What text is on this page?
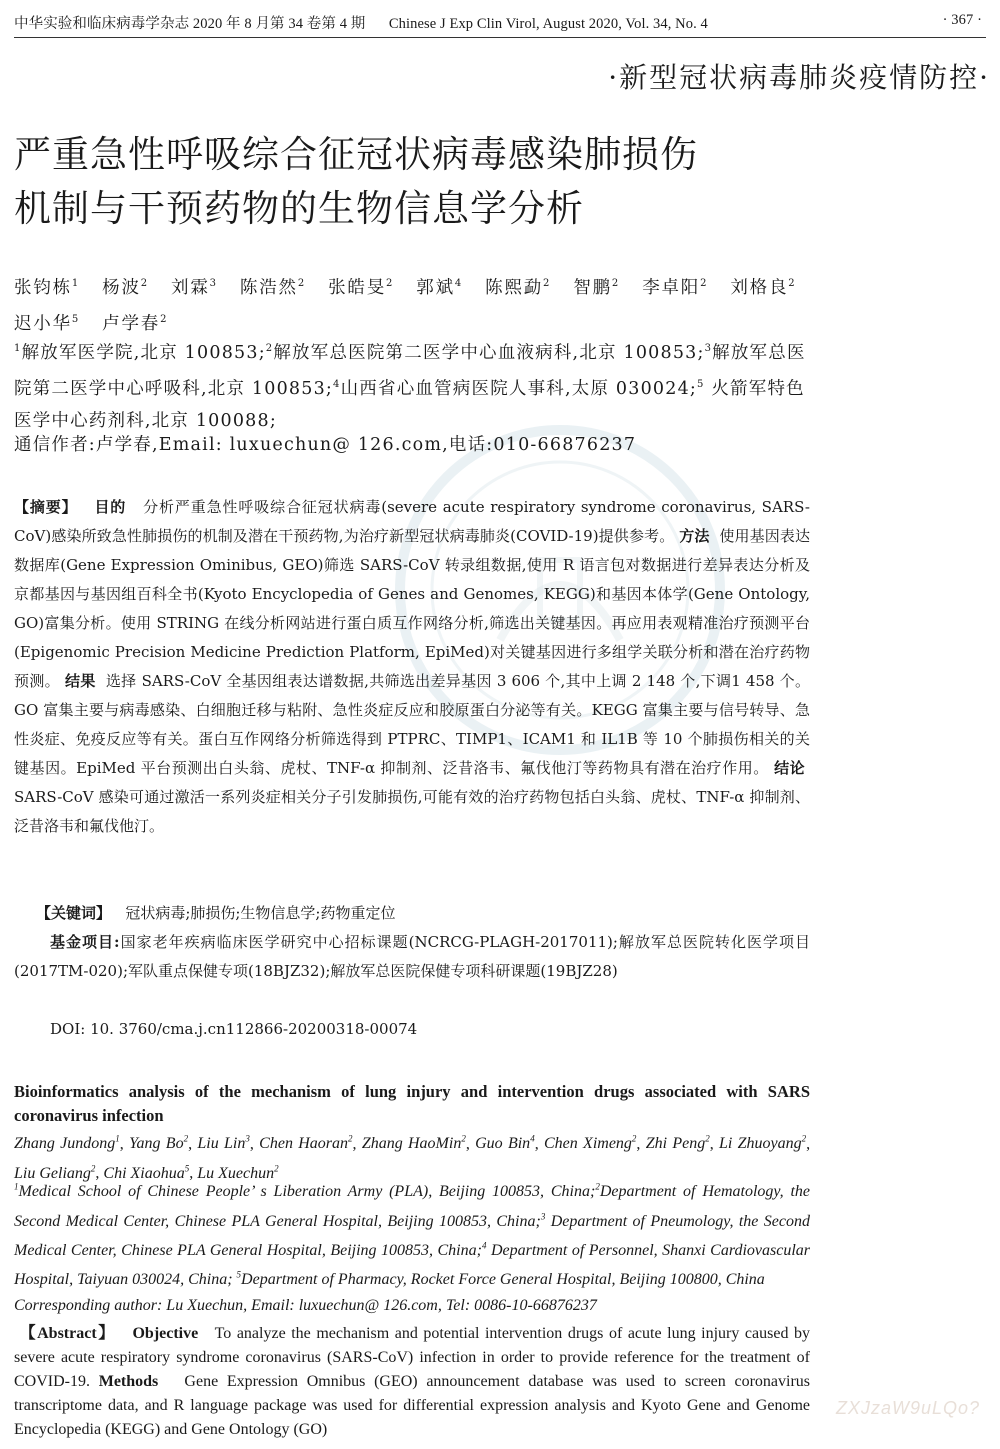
中华实验和临床病毒学杂志 2020 年 8 月第 34 卷第 4 期 Chinese J Exp Clin Virol, August 2020, Vol. 34, No. 4	· 367 ·
·新型冠状病毒肺炎疫情防控·
严重急性呼吸综合征冠状病毒感染肺损伤
机制与干预药物的生物信息学分析
张钧栋$^1$ 杨波$^2$ 刘霖$^3$ 陈浩然$^2$ 张皓旻$^2$ 郭斌$^4$ 陈熙勐$^2$ 智鹏$^2$ 李卓阳$^2$ 刘格良$^2$   迟小华$^5$ 卢学春$^2$
$^1$解放军医学院,北京 100853;$^2$解放军总医院第二医学中心血液病科,北京 100853;$^3$解放军总医院第二医学中心呼吸科,北京 100853;$^4$山西省心血管病医院人事科,太原 030024;$^5$ 火箭军特色医学中心药剂科,北京 100088;
通信作者:卢学春,Email: luxuechun@ 126.com,电话:010-66876237
【摘要】 目的 分析严重急性呼吸综合征冠状病毒(severe acute respiratory syndrome coronavirus, SARS-CoV)感染所致急性肺损伤的机制及潜在干预药物,为治疗新型冠状病毒肺炎(COVID-19)提供参考。 方法 使用基因表达数据库(Gene Expression Ominibus, GEO)筛选 SARS-CoV 转录组数据,使用 R 语言包对数据进行差异表达分析及京都基因与基因组百科全书(Kyoto Encyclopedia of Genes and Genomes, KEGG)和基因本体学(Gene Ontology, GO)富集分析。使用 STRING 在线分析网站进行蛋白质互作网络分析,筛选出关键基因。再应用表观精准治疗预测平台(Epigenomic Precision Medicine Prediction Platform, EpiMed)对关键基因进行多组学关联分析和潜在治疗药物预测。 结果 选择 SARS-CoV 全基因组表达谱数据,共筛选出差异基因 3 606 个,其中上调 2 148 个,下调1 458 个。GO 富集主要与病毒感染、白细胞迁移与粘附、急性炎症反应和胶原蛋白分泌等有关。KEGG 富集主要与信号转导、急性炎症、免疫反应等有关。蛋白互作网络分析筛选得到 PTPRC、TIMP1、ICAM1 和 IL1B 等 10 个肺损伤相关的关键基因。EpiMed 平台预测出白头翁、虎杖、TNF-α 抑制剂、泛昔洛韦、氟伐他汀等药物具有潜在治疗作用。 结论  SARS-CoV 感染可通过激活一系列炎症相关分子引发肺损伤,可能有效的治疗药物包括白头翁、虎杖、TNF-α 抑制剂、泛昔洛韦和氟伐他汀。
【关键词】 冠状病毒;肺损伤;生物信息学;药物重定位
基金项目:国家老年疾病临床医学研究中心招标课题(NCRCG-PLAGH-2017011);解放军总医院转化医学项目(2017TM-020);军队重点保健专项(18BJZ32);解放军总医院保健专项科研课题(19BJZ28)
DOI: 10. 3760/cma.j.cn112866-20200318-00074
Bioinformatics analysis of the mechanism of lung injury and intervention drugs associated with SARS coronavirus infection
Zhang Jundong$^1$, Yang Bo$^2$, Liu Lin$^3$, Chen Haoran$^2$, Zhang HaoMin$^2$, Guo Bin$^4$, Chen Ximeng$^2$, Zhi Peng$^2$, Li Zhuoyang$^2$, Liu Geliang$^2$, Chi Xiaohua$^5$, Lu Xuechun$^2$
$^1$Medical School of Chinese People’ s Liberation Army (PLA), Beijing 100853, China;$^2$Department of Hematology, the Second Medical Center, Chinese PLA General Hospital, Beijing 100853, China;$^3$ Department of Pneumology, the Second Medical Center, Chinese PLA General Hospital, Beijing 100853, China;$^4$ Department of Personnel, Shanxi Cardiovascular Hospital, Taiyuan 030024, China; $^5$Department of Pharmacy, Rocket Force General Hospital, Beijing 100800, China
Corresponding author: Lu Xuechun, Email: luxuechun@ 126.com, Tel: 0086-10-66876237
【Abstract】 Objective To analyze the mechanism and potential intervention drugs of acute lung injury caused by severe acute respiratory syndrome coronavirus (SARS-CoV) infection in order to provide reference for the treatment of COVID-19. Methods Gene Expression Omnibus (GEO) announcement database was used to screen coronavirus transcriptome data, and R language package was used for differential expression analysis and Kyoto Gene and Genome Encyclopedia (KEGG) and Gene Ontology (GO)
ZXJzaW9uLQo?
